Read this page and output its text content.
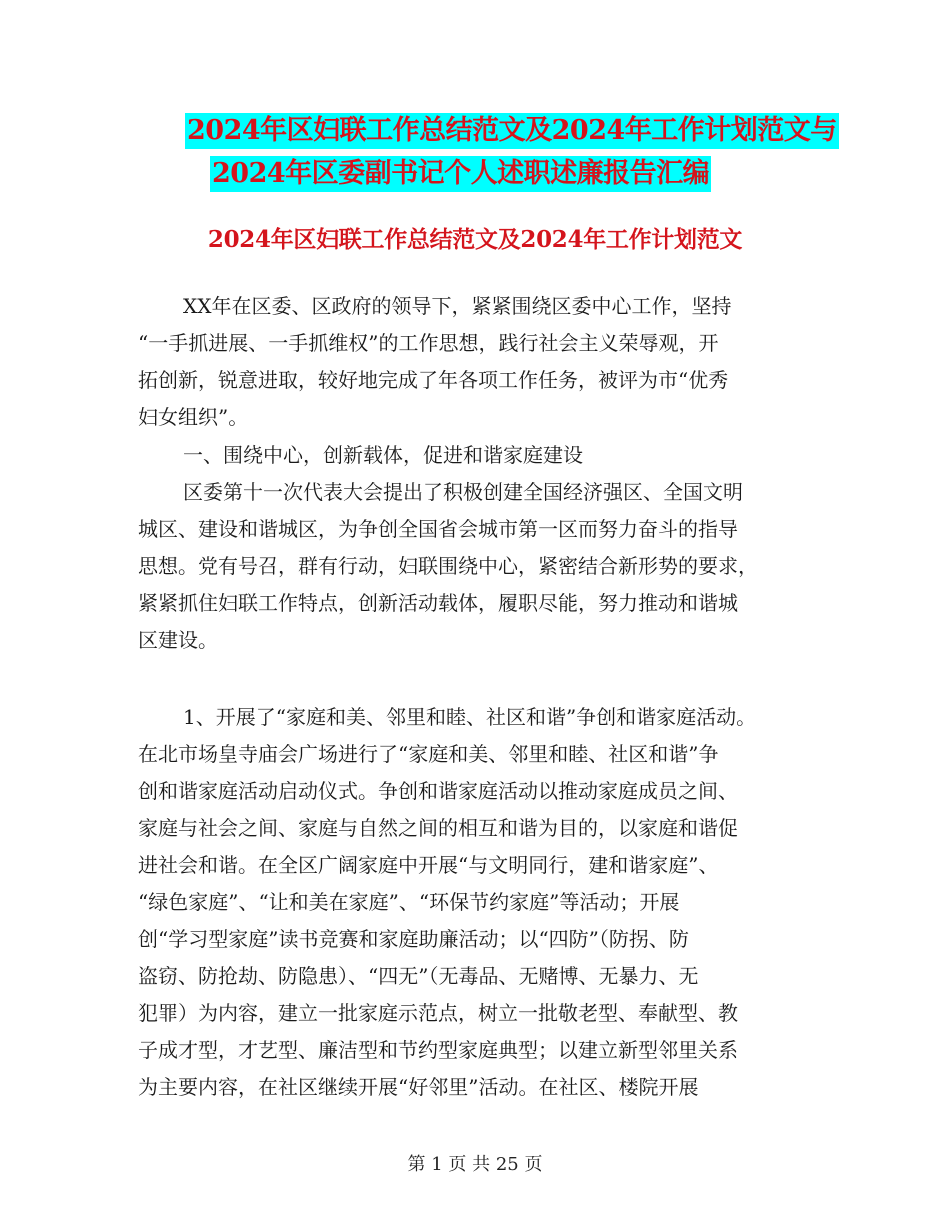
2024年区妇联工作总结范文及2024年工作计划范文与
2024年区委副书记个人述职述廉报告汇编
2024年区妇联工作总结范文及2024年工作计划范文
XX年在区委、区政府的领导下，紧紧围绕区委中心工作，坚持
“一手抓进展、一手抓维权”的工作思想，践行社会主义荣辱观，开
拓创新，锐意进取，较好地完成了年各项工作任务，被评为市“优秀
妇女组织”。
一、围绕中心，创新载体，促进和谐家庭建设
区委第十一次代表大会提出了积极创建全国经济强区、全国文明
城区、建设和谐城区，为争创全国省会城市第一区而努力奋斗的指导
思想。党有号召，群有行动，妇联围绕中心，紧密结合新形势的要求，
紧紧抓住妇联工作特点，创新活动载体，履职尽能，努力推动和谐城
区建设。
1、开展了“家庭和美、邻里和睦、社区和谐”争创和谐家庭活动。
在北市场皇寺庙会广场进行了“家庭和美、邻里和睦、社区和谐”争
创和谐家庭活动启动仪式。争创和谐家庭活动以推动家庭成员之间、
家庭与社会之间、家庭与自然之间的相互和谐为目的，以家庭和谐促
进社会和谐。在全区广阔家庭中开展“与文明同行，建和谐家庭”、
“绿色家庭”、“让和美在家庭”、“环保节约家庭”等活动；开展
创“学习型家庭”读书竞赛和家庭助廉活动；以“四防”（防拐、防
盗窃、防抢劫、防隐患）、“四无”（无毒品、无赌博、无暴力、无
犯罪）为内容，建立一批家庭示范点，树立一批敬老型、奉献型、教
子成才型，才艺型、廉洁型和节约型家庭典型；以建立新型邻里关系
为主要内容，在社区继续开展“好邻里”活动。在社区、楼院开展
第 1 页 共 25 页
